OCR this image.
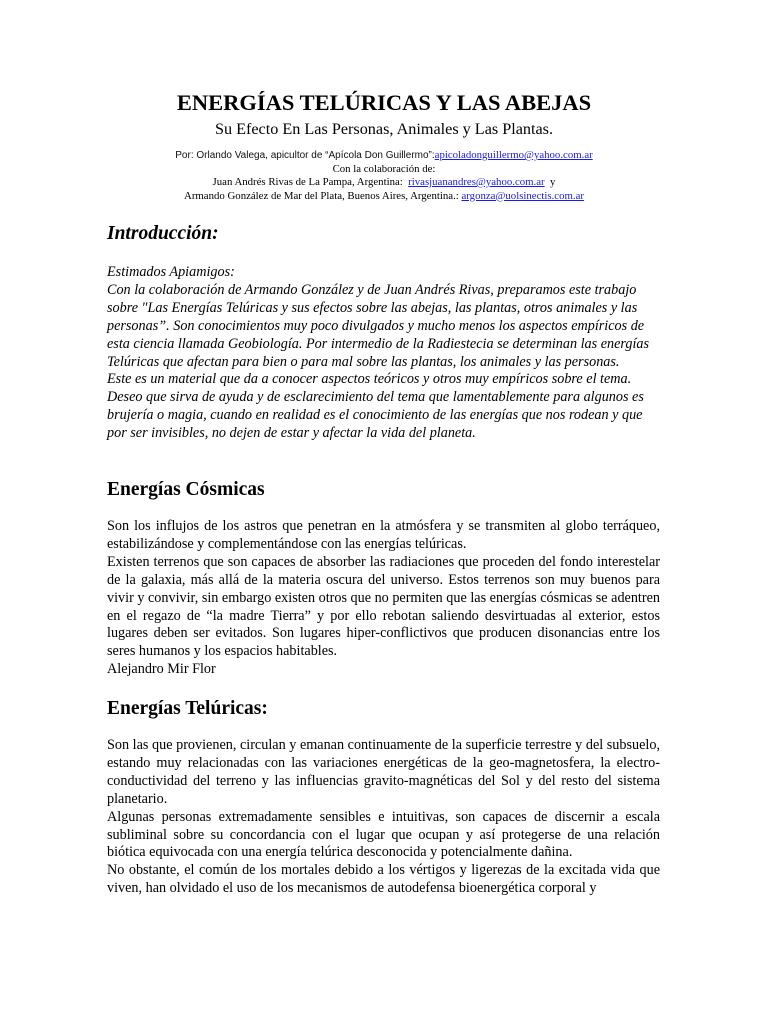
ENERGÍAS TELÚRICAS Y LAS ABEJAS

Su Efecto En Las Personas, Animales y Las Plantas.

Por: Orlando Valega, apicultor de “Apícola Don Guillermo”:apicoladonguillermo@yahoo.com.ar
Con la colaboración de:
Juan Andrés Rivas de La Pampa, Argentina: rivasjuanandres@yahoo.com.ar y
Armando González de Mar del Plata, Buenos Aires, Argentina.: argonza@uolsinectis.com.ar
Introducción:

Estimados Apiamigos:

Con la colaboración de Armando González y de Juan Andrés Rivas, preparamos este trabajo sobre "Las Energías Telúricas y sus efectos sobre las abejas, las plantas, otros animales y las personas”. Son conocimientos muy poco divulgados y mucho menos los aspectos empíricos de esta ciencia llamada Geobiología. Por intermedio de la Radiestecia se determinan las energías Telúricas que afectan para bien o para mal sobre las plantas, los animales y las personas.

Este es un material que da a conocer aspectos teóricos y otros muy empíricos sobre el tema. Deseo que sirva de ayuda y de esclarecimiento del tema que lamentablemente para algunos es brujería o magia, cuando en realidad es el conocimiento de las energías que nos rodean y que por ser invisibles, no dejen de estar y afectar la vida del planeta.

Energías Cósmicas

Son los influjos de los astros que penetran en la atmósfera y se transmiten al globo terráqueo, estabilizándose y complementándose con las energías telúricas.

Existen terrenos que son capaces de absorber las radiaciones que proceden del fondo interestelar de la galaxia, más allá de la materia oscura del universo. Estos terrenos son muy buenos para vivir y convivir, sin embargo existen otros que no permiten que las energías cósmicas se adentren en el regazo de “la madre Tierra” y por ello rebotan saliendo desvirtuadas al exterior, estos lugares deben ser evitados. Son lugares hiper-conflictivos que producen disonancias entre los seres humanos y los espacios habitables.

Alejandro Mir Flor

Energías Telúricas:

Son las que provienen, circulan y emanan continuamente de la superficie terrestre y del subsuelo, estando muy relacionadas con las variaciones energéticas de la geo-magnetosfera, la electro-conductividad del terreno y las influencias gravito-magnéticas del Sol y del resto del sistema planetario.

Algunas personas extremadamente sensibles e intuitivas, son capaces de discernir a escala subliminal sobre su concordancia con el lugar que ocupan y así protegerse de una relación biótica equivocada con una energía telúrica desconocida y potencialmente dañina.

No obstante, el común de los mortales debido a los vértigos y ligerezas de la excitada vida que viven, han olvidado el uso de los mecanismos de autodefensa bioenergética corporal y
